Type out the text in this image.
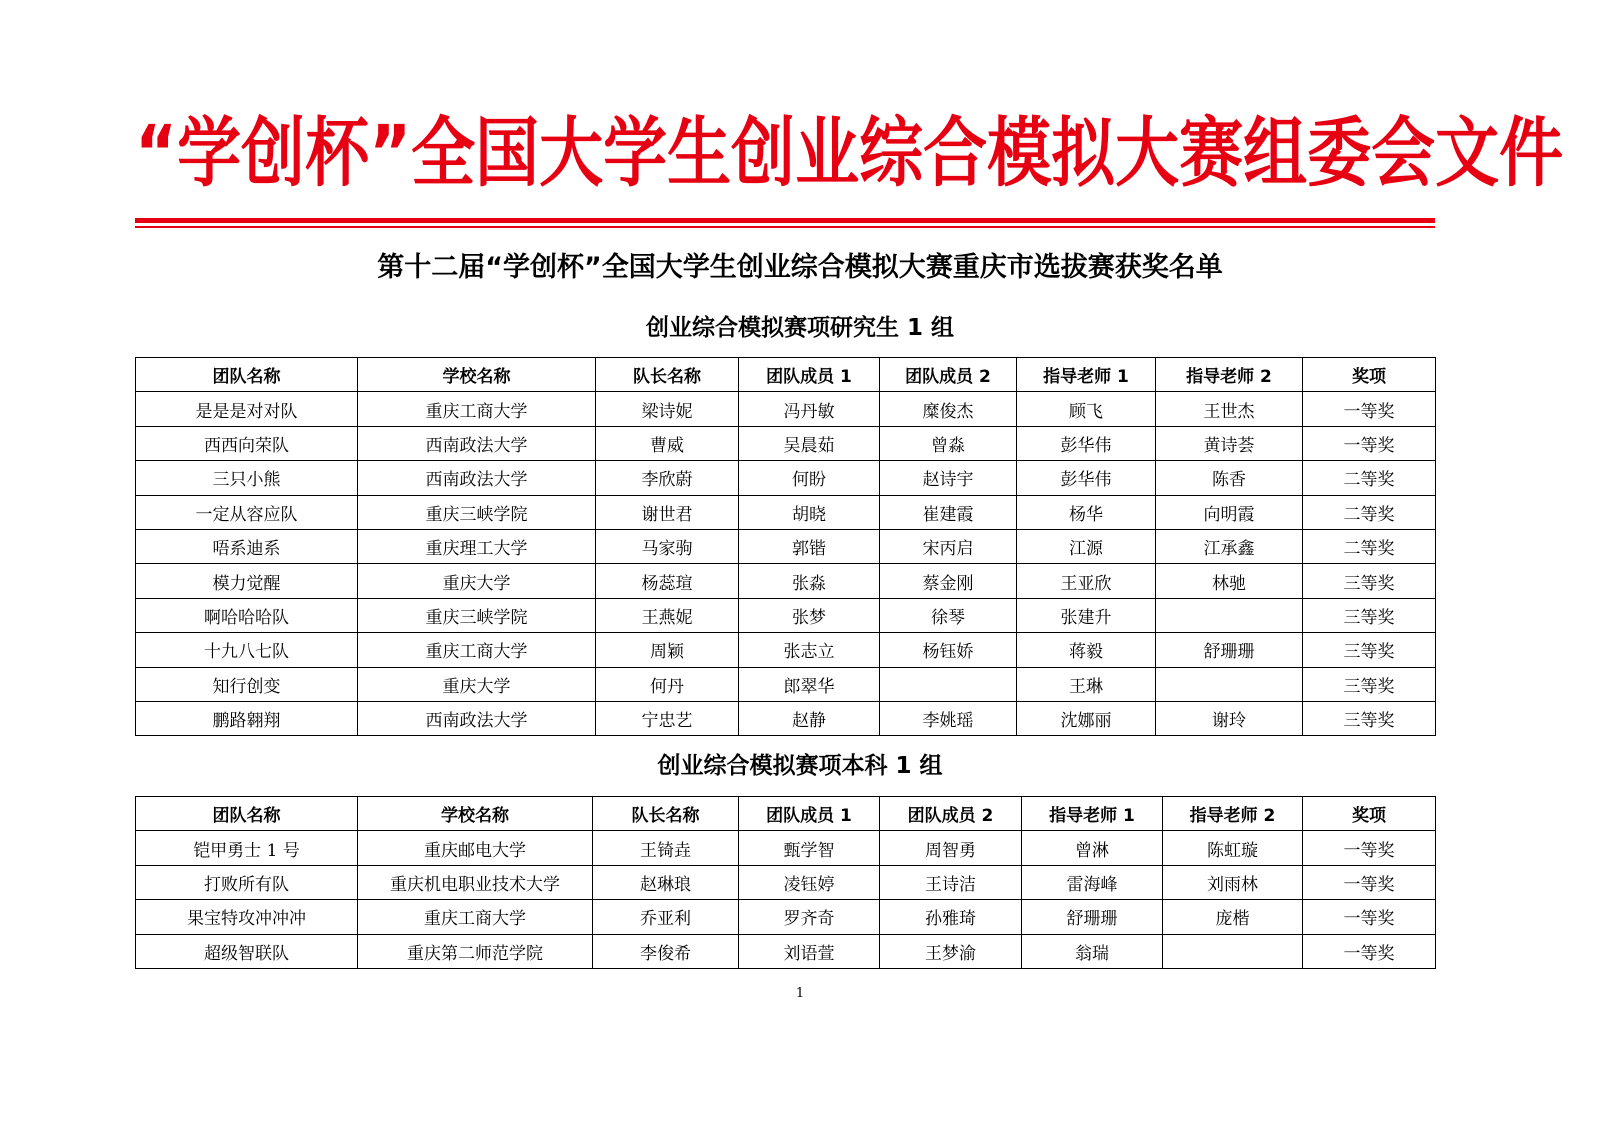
“ 学 创 杯 ” 全 国 大 学 生 创 业 综 合 模 拟 大 赛 组 委 会 文 件
第十二届“学创杯”全国大学生创业综合模拟大赛重庆市选拔赛获奖名单
创业综合模拟赛项研究生 1 组
团队名称	学校名称	队长名称	团队成员 1	团队成员 2	指导老师 1	指导老师 2	奖项
是是是对对队	重庆工商大学	梁诗妮	冯丹敏	糜俊杰	顾飞	王世杰	一等奖
西西向荣队	西南政法大学	曹威	吴晨茹	曾淼	彭华伟	黄诗荟	一等奖
三只小熊	西南政法大学	李欣蔚	何盼	赵诗宇	彭华伟	陈香	二等奖
一定从容应队	重庆三峡学院	谢世君	胡晓	崔建霞	杨华	向明霞	二等奖
唔系迪系	重庆理工大学	马家驹	郭锴	宋丙启	江源	江承鑫	二等奖
模力觉醒	重庆大学	杨蕊瑄	张淼	蔡金刚	王亚欣	林驰	三等奖
啊哈哈哈队	重庆三峡学院	王燕妮	张梦	徐琴	张建升		三等奖
十九八七队	重庆工商大学	周颖	张志立	杨钰娇	蒋毅	舒珊珊	三等奖
知行创变	重庆大学	何丹	郎翠华		王琳		三等奖
鹏路翱翔	西南政法大学	宁忠艺	赵静	李姚瑶	沈娜丽	谢玲	三等奖
创业综合模拟赛项本科 1 组
团队名称	学校名称	队长名称	团队成员 1	团队成员 2	指导老师 1	指导老师 2	奖项
铠甲勇士 1 号	重庆邮电大学	王锜垚	甄学智	周智勇	曾淋	陈虹璇	一等奖
打败所有队	重庆机电职业技术大学	赵琳琅	凌钰婷	王诗洁	雷海峰	刘雨林	一等奖
果宝特攻冲冲冲	重庆工商大学	乔亚利	罗齐奇	孙雅琦	舒珊珊	庞楷	一等奖
超级智联队	重庆第二师范学院	李俊希	刘语萱	王梦渝	翁瑞		一等奖
1
